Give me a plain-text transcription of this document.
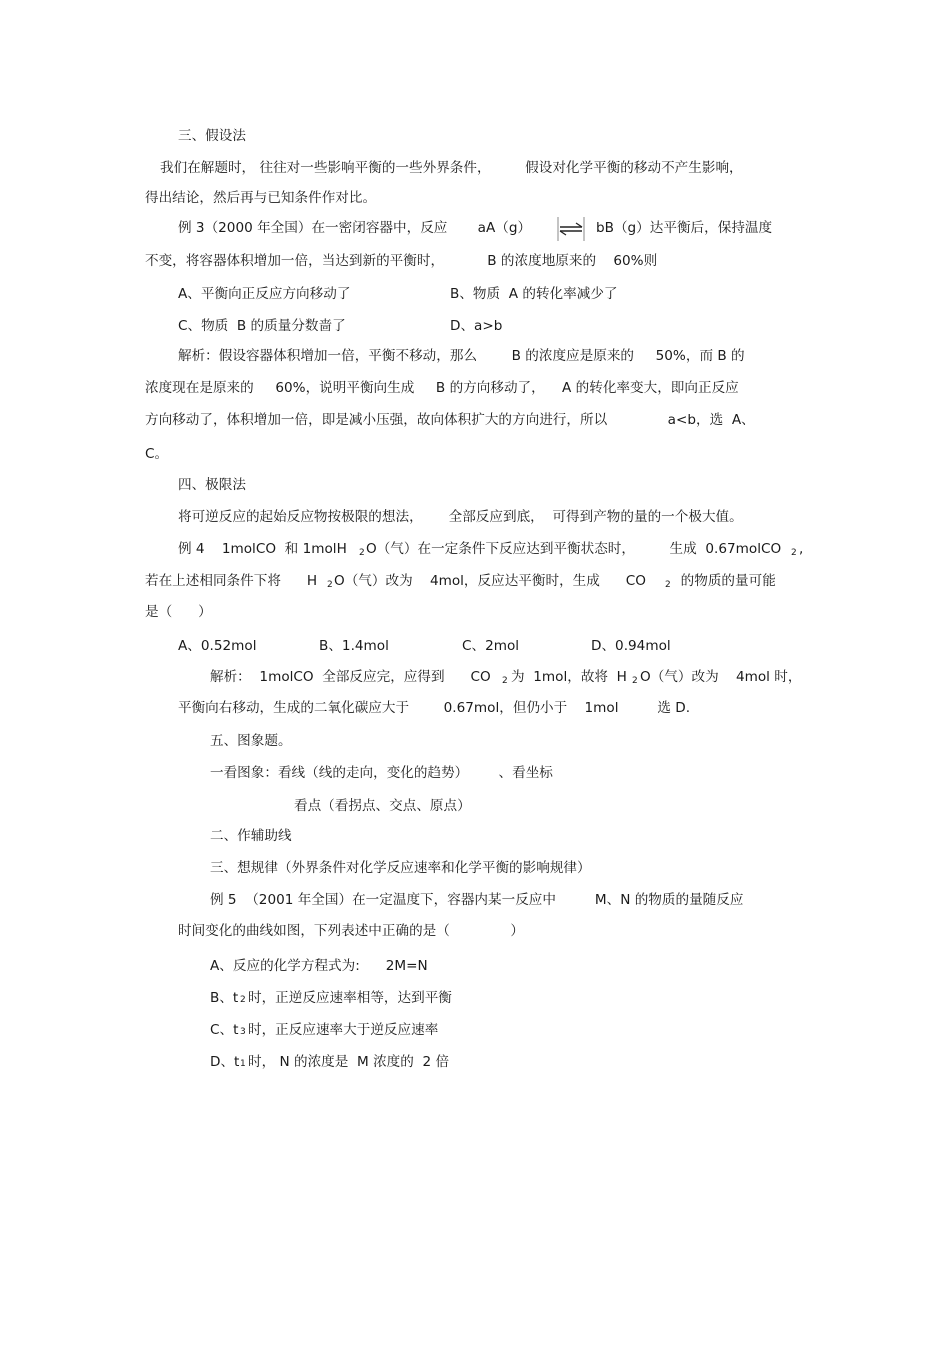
三、假设法
我们在解题时， 往往对一些影响平衡的一些外界条件，        假设对化学平衡的移动不产生影响，
得出结论，然后再与已知条件作对比。
例 3（2000 年全国）在一密闭容器中，反应       aA（g） ⇌ bB（g）达平衡后，保持温度
不变，将容器体积增加一倍，当达到新的平衡时，          B 的浓度地原来的    60%则
A、平衡向正反应方向移动了	B、物质  A 的转化率减少了
C、物质  B 的质量分数啬了	D、a>b
解析：假设容器体积增加一倍，平衡不移动，那么        B 的浓度应是原来的     50%，而 B 的
浓度现在是原来的     60%，说明平衡向生成     B 的方向移动了，    A 的转化率变大，即向正反应
方向移动了，体积增加一倍，即是减小压强，故向体积扩大的方向进行，所以              a<b，选  A、
C。
四、极限法
将可逆反应的起始反应物按极限的想法，      全部反应到底，  可得到产物的量的一个极大值。
例 4    1molCO  和 1molH 2 O（气）在一定条件下反应达到平衡状态时，        生成  0.67molCO 2 ,
若在上述相同条件下将      H 2 O（气）改为    4mol，反应达平衡时，生成      CO 2 的物质的量可能
是（      ）
A、0.52mol	B、1.4mol	C、2mol	D、0.94mol
解析：  1molCO  全部反应完，应得到      CO 2 为  1mol，故将  H 2 O（气）改为    4mol 时，
平衡向右移动，生成的二氧化碳应大于        0.67mol，但仍小于    1mol         选 D.
五、图象题。
一看图象：看线（线的走向，变化的趋势）       、看坐标
看点（看拐点、交点、原点）
二、作辅助线
三、想规律（外界条件对化学反应速率和化学平衡的影响规律）
例 5  （2001 年全国）在一定温度下，容器内某一反应中         M、N 的物质的量随反应
时间变化的曲线如图，下列表述中正确的是（              ）
A、反应的化学方程式为:      2M=N
B、t 2 时，正逆反应速率相等，达到平衡
C、t 3 时，正反应速率大于逆反应速率
D、t 1 时， N 的浓度是  M 浓度的  2 倍
